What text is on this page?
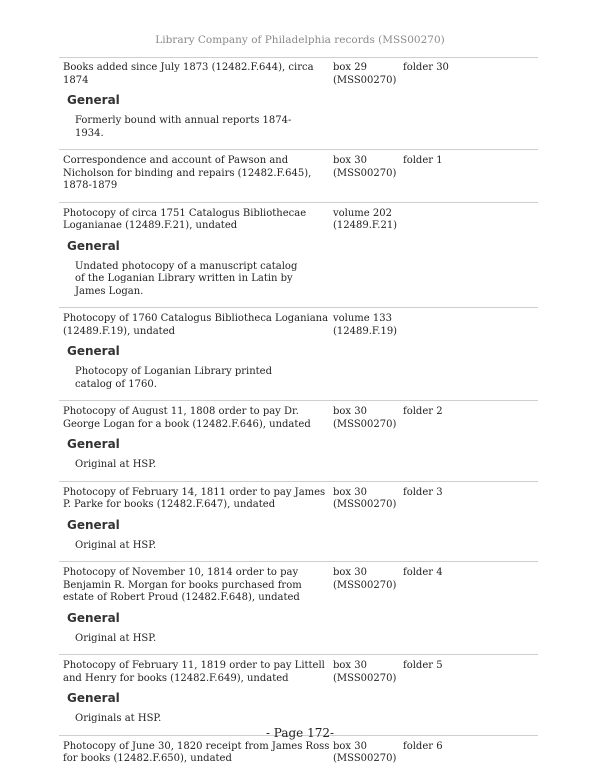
Library Company of Philadelphia records (MSS00270)
Books added since July 1873 (12482.F.644), circa 1874
box 29 (MSS00270)
folder 30
General
Formerly bound with annual reports 1874-1934.
Correspondence and account of Pawson and Nicholson for binding and repairs (12482.F.645), 1878-1879
box 30 (MSS00270)
folder 1
Photocopy of circa 1751 Catalogus Bibliothecae Loganianae (12489.F.21), undated
volume 202 (12489.F.21)
General
Undated photocopy of a manuscript catalog of the Loganian Library written in Latin by James Logan.
Photocopy of 1760 Catalogus Bibliotheca Loganiana (12489.F.19), undated
volume 133 (12489.F.19)
General
Photocopy of Loganian Library printed catalog of 1760.
Photocopy of August 11, 1808 order to pay Dr. George Logan for a book (12482.F.646), undated
box 30 (MSS00270)
folder 2
General
Original at HSP.
Photocopy of February 14, 1811 order to pay James P. Parke for books (12482.F.647), undated
box 30 (MSS00270)
folder 3
General
Original at HSP.
Photocopy of November 10, 1814 order to pay Benjamin R. Morgan for books purchased from estate of Robert Proud (12482.F.648), undated
box 30 (MSS00270)
folder 4
General
Original at HSP.
Photocopy of February 11, 1819 order to pay Littell and Henry for books (12482.F.649), undated
box 30 (MSS00270)
folder 5
General
Originals at HSP.
Photocopy of June 30, 1820 receipt from James Ross for books (12482.F.650), undated
box 30 (MSS00270)
folder 6
- Page 172-
